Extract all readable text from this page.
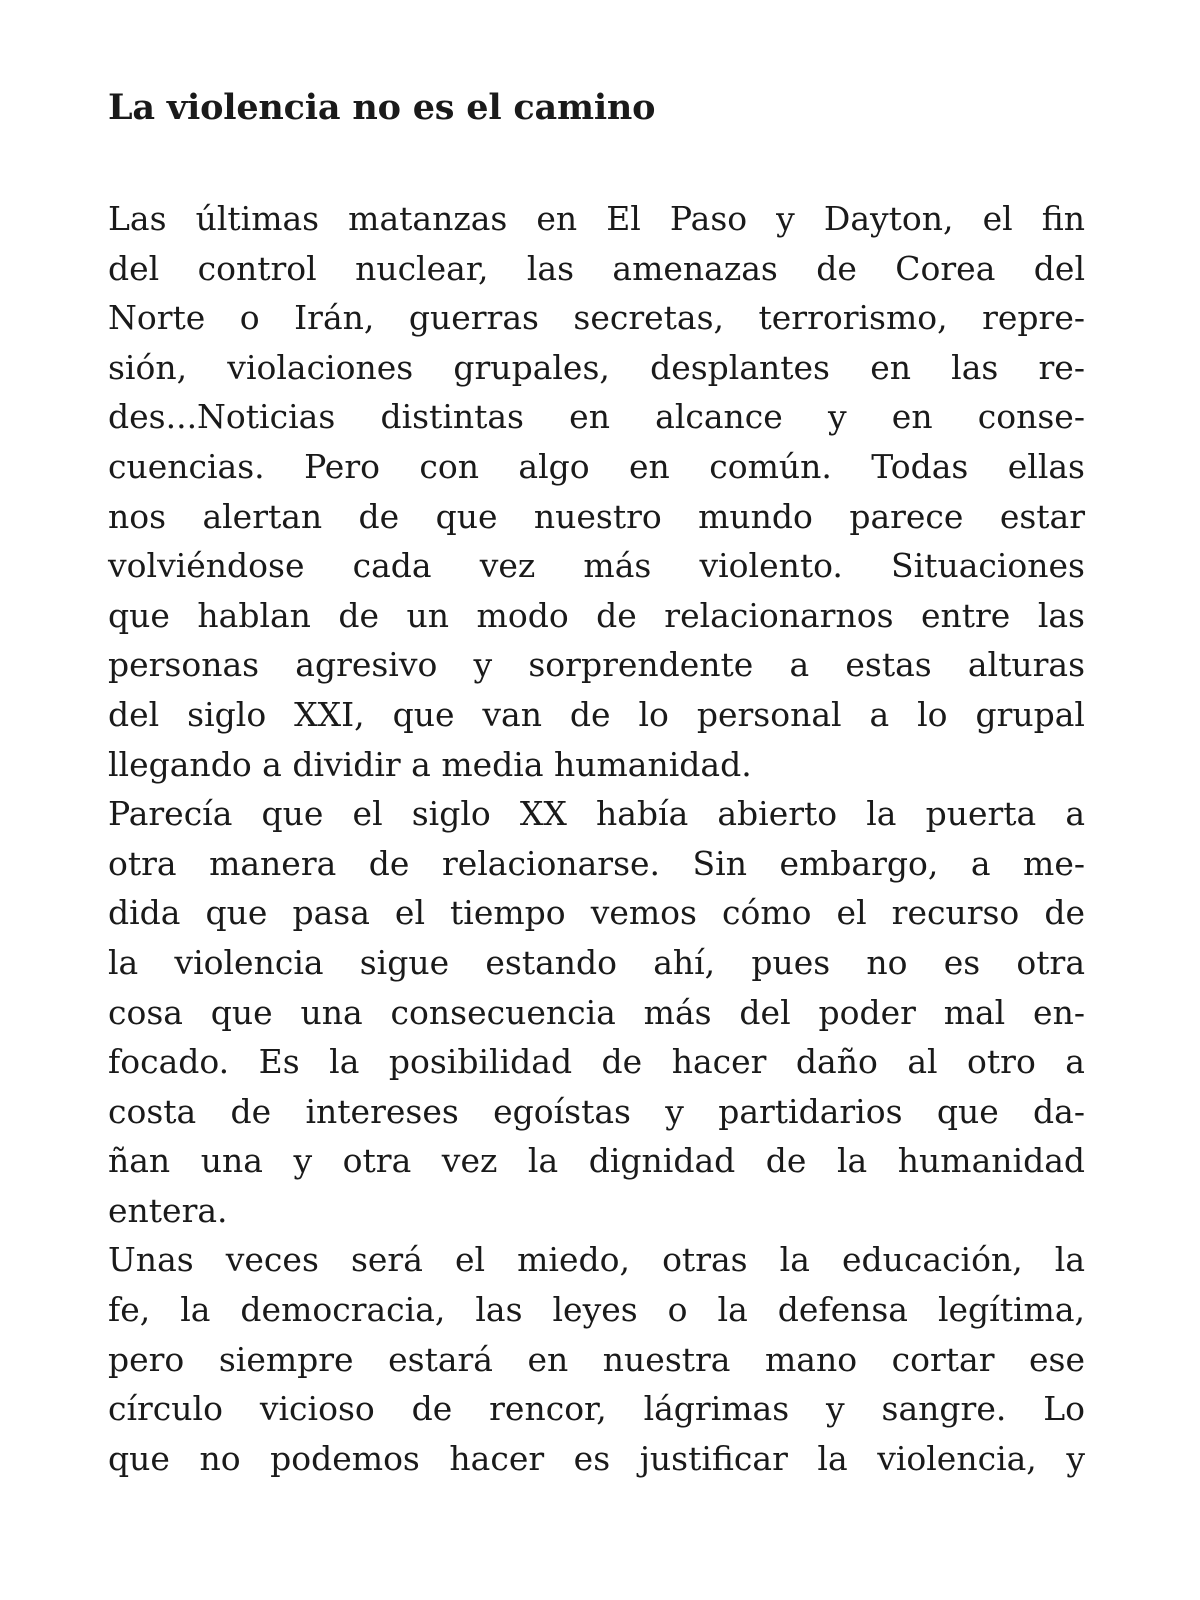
La violencia no es el camino
Las últimas matanzas en El Paso y Dayton, el fin
del control nuclear, las amenazas de Corea del
Norte o Irán, guerras secretas, terrorismo, repre-
sión, violaciones grupales, desplantes en las re-
des...Noticias distintas en alcance y en conse-
cuencias. Pero con algo en común. Todas ellas
nos alertan de que nuestro mundo parece estar
volviéndose cada vez más violento. Situaciones
que hablan de un modo de relacionarnos entre las
personas agresivo y sorprendente a estas alturas
del siglo XXI, que van de lo personal a lo grupal
llegando a dividir a media humanidad.
Parecía que el siglo XX había abierto la puerta a
otra manera de relacionarse. Sin embargo, a me-
dida que pasa el tiempo vemos cómo el recurso de
la violencia sigue estando ahí, pues no es otra
cosa que una consecuencia más del poder mal en-
focado. Es la posibilidad de hacer daño al otro a
costa de intereses egoístas y partidarios que da-
ñan una y otra vez la dignidad de la humanidad
entera.
Unas veces será el miedo, otras la educación, la
fe, la democracia, las leyes o la defensa legítima,
pero siempre estará en nuestra mano cortar ese
círculo vicioso de rencor, lágrimas y sangre. Lo
que no podemos hacer es justificar la violencia, y
